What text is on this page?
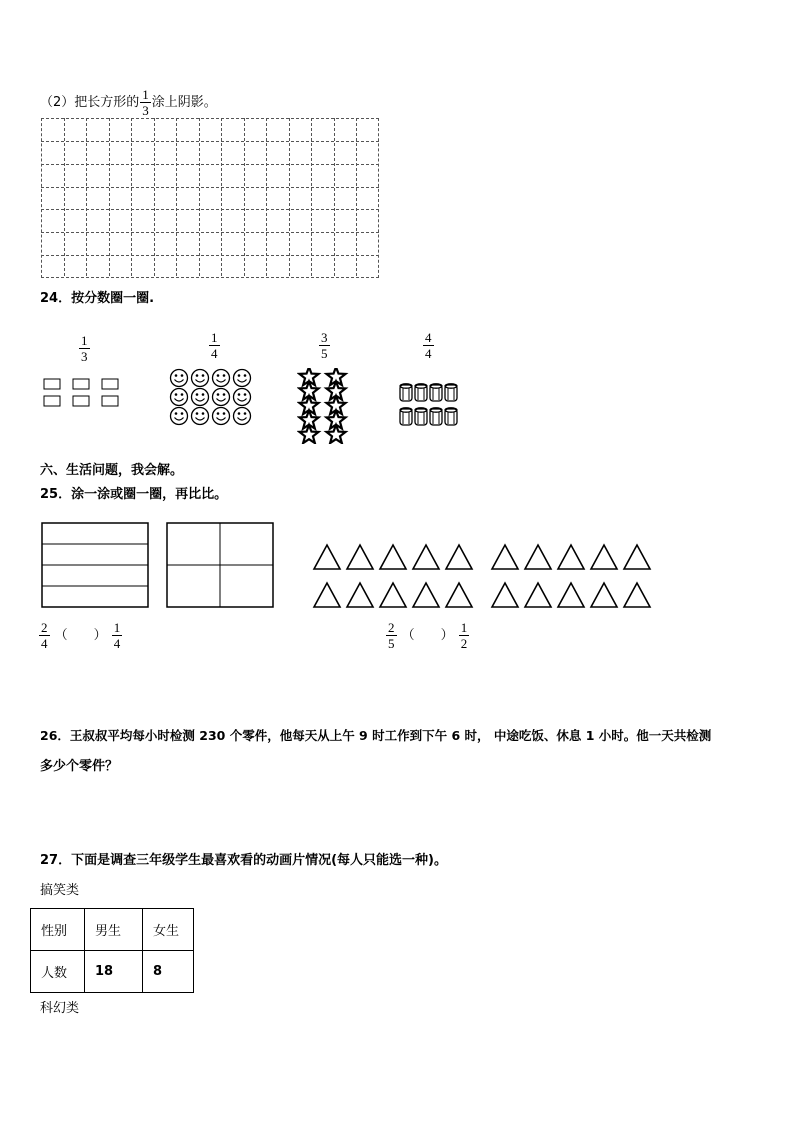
（2）把长方形的 $\frac{1}{3}$ 涂上阴影。
24．按分数圈一圈.
$\frac{1}{3}$	$\frac{1}{4}$	$\frac{3}{5}$	$\frac{4}{4}$
六、生活问题，我会解。
25．涂一涂或圈一圈，再比比。
$\frac{2}{4}$ （　　） $\frac{1}{4}$	$\frac{2}{5}$ （　　） $\frac{1}{2}$
26．王叔叔平均每小时检测 230 个零件，他每天从上午 9 时工作到下午 6 时， 中途吃饭、休息 1 小时。他一天共检测
多少个零件？
27．下面是调查三年级学生最喜欢看的动画片情况(每人只能选一种)。
搞笑类
性别	男生	女生
人数	18	8
科幻类
